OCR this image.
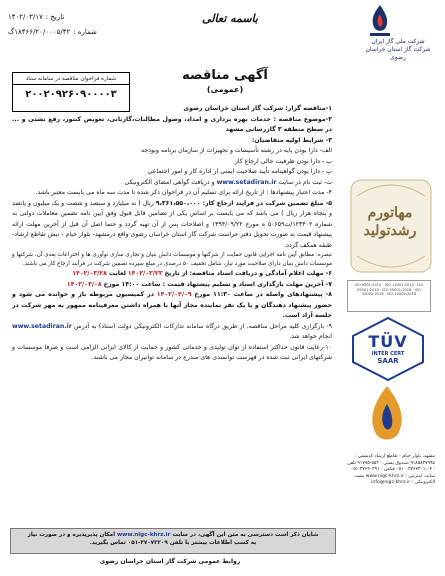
شرکت ملی گاز ایران
شرکت گاز استان خراسان رضوی
باسمه تعالی
تاریخ :
۱۴۰۲/۰۳/۱۷
شماره :
۱۸۴۶۶/۲۰/۰۰۰۵/۴۲گ
آگهی مناقصه
(عمومی)
شماره فراخوان مناقصه در سامانه ستاد
۲۰۰۲۰۹۲۶۰۹۰۰۰۰۳

۱-مناقصه گزار: شرکت گاز استان خراسان رضوی

۲-موضوع مناقصه : خدمات بهره برداری و امداد، وصول مطالبات،گازبانی، تعویض کنتور، رفع نشتی و ... در سطح منطقه ۳ گازرسانی مشهد

۳- شرایط اولیه متقاضیان:

الف- دارا بودن پایه در رشته تأسیسات و تجهیزات از سازمان برنامه وبودجه

ب - دارا بودن ظرفیت خالی ارجاع کار

پ - دارا بودن گواهینامه تأیید صلاحیت ایمنی از اداره کار و امور اجتماعی

ت- ثبت نام در سایت www.setadiran.ir و دریافت گواهی امضای الکترونیکی

۴- مدت اعتبار پیشنهادها : از تاریخ ارائه برای تسلیم آن در فراخوان ذکر شده تا مدت سه ماه می بایست معتبر باشد.

۵- مبلغ تضمین شرکت در فرایند ارجاع کار: ۹،۳۶۱،۵۵۰،۰۰۰ ریال ( نه میلیارد و سیصد و شصت و یک میلیون و پانصد و پنجاه هزار ریال ) می باشد که می بایست بر اساس یکی از تضامین قابل قبول وفق آیین نامه تضمین معاملات دولتی به شماره ۱۲۳۴۰۲/ت۵۰۶۵۹ ه مورخ ۱۳۹۴/۰۹/۲۲ و اصلاحات پس از آن تهیه گردد و حتما اصل آن قبل از آخرین مهلت ارائه پیشنهاد قیمت به صورت تحویل دفتر حراست شرکت گاز استان خراسان رضوی واقع درمشهد- بلوار خیام - نبش تقاطع ارشاد- طبقه همکف گردد.

تبصره: مطابق آیین نامه اجرایی قانون حمایت از شرکتها و موسسات دانش بنیان و تجاری سازی نوآوری ها و اختراعات بعدی آن، شرکتها و موسسات دانش بنیان دارای صلاحیت مورد نیاز، شامل تخفیف ۵۰ درصدی در مبلغ سپرده تضمین شرکت در فرآیند ارجاع کار می باشند.

۶- مهلت اعلام آمادگی و دریافت اسناد مناقصه: از تاریخ ۱۴۰۲/۰۳/۲۳ لغایت ۱۴۰۲/۰۳/۲۸

۷- آخرین مهلت بارگذاری اسناد و تسلیم پیشنهاد قیمت : ساعت ۱۴:۰۰ مورخ ۱۴۰۲/۰۴/۰۸

۸- پیشنهادهای واصله در ساعت ۱۱:۳۰ مورخ ۱۴۰۲/۰۴/۰۹ در کمیسیون مربوطه باز و خوانده می شود و حضور پیشنهاد دهندگان و یا یک نفر نماینده مجاز آنها با همراه داشتن معرفینامه ممهور به مهر شرکت در جلسه آزاد است.

۹- بارگزاری کلیه مراحل مناقصه، از طریق درگاه سامانه تدارکات الکترونیکی دولت (ستاد) به آدرس www.setadiran.ir انجام خواهد شد.

۱۰-رعایت قانون حداکثر استفاده از توان تولیدی و خدماتی کشور و حمایت از کالای ایرانی الزامی است و صرفا موسسات و شرکتهای ایرانی ثبت شده در فهرست توانمندی های مندرج در سامانه توانیران مجاز می باشند.

مهاتورم
رشدتولید
ISO 9001:2015 · ISO 14001:2015 · ISO 45001:2018 · ISO 50001:2018 · ISO 10002:2018 · ISO 10004:2018
TÜV
INTER CERT
SAAR
مشهد، بلوار خیام - تقاطع ارشاد کدپستی : ۹۱۸۵۸۳۷۹۹۵ صندوق پستی : ۵۵۲-۹۱۷۷۵ تلفن : ۴-۳۷۶۷۳۰۱۰ - ۰۵۱ فکس : ۳۷۶۹۰۳۹۱-۰۵۱ سایت اینترنتی : www.nigc-khrz.ir پست الکترونیکی : info@nigc-khrz.ir
شایان ذکر است دسترسی به متن این آگهی، در سایت www.nigc-khrz.ir امکان پذیرپذیره و در صورت نیاز
به کسب اطلاعات بیشتر با تلفن ۳۷۰۷۲۲۰۹-۰۵۱ تماس بگیرید.
روابط عمومی شرکت گاز استان خراسان رضوی
